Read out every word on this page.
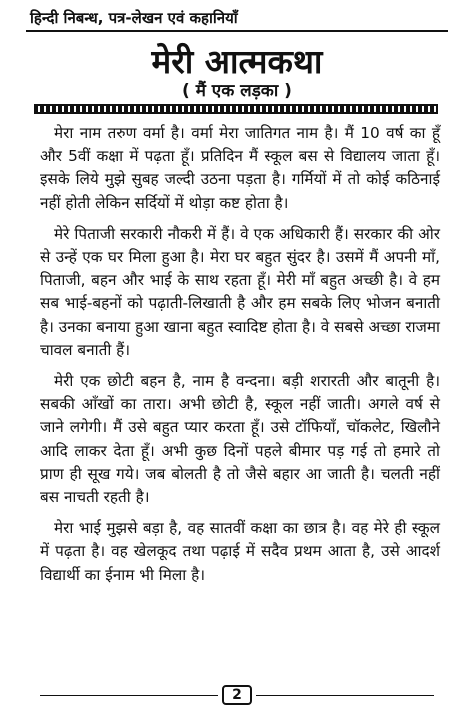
हिन्दी निबन्ध, पत्र-लेखन एवं कहानियाँ
मेरी आत्मकथा
( मैं एक लड़का )

मेरा नाम तरुण वर्मा है। वर्मा मेरा जातिगत नाम है। मैं 10 वर्ष का हूँ और 5वीं कक्षा में पढ़ता हूँ। प्रतिदिन मैं स्कूल बस से विद्यालय जाता हूँ। इसके लिये मुझे सुबह जल्दी उठना पड़ता है। गर्मियों में तो कोई कठिनाई नहीं होती लेकिन सर्दियों में थोड़ा कष्ट होता है।

मेरे पिताजी सरकारी नौकरी में हैं। वे एक अधिकारी हैं। सरकार की ओर से उन्हें एक घर मिला हुआ है। मेरा घर बहुत सुंदर है। उसमें मैं अपनी माँ, पिताजी, बहन और भाई के साथ रहता हूँ। मेरी माँ बहुत अच्छी है। वे हम सब भाई-बहनों को पढ़ाती-लिखाती है और हम सबके लिए भोजन बनाती है। उनका बनाया हुआ खाना बहुत स्वादिष्ट होता है। वे सबसे अच्छा राजमा चावल बनाती हैं।

मेरी एक छोटी बहन है, नाम है वन्दना। बड़ी शरारती और बातूनी है। सबकी आँखों का तारा। अभी छोटी है, स्कूल नहीं जाती। अगले वर्ष से जाने लगेगी। मैं उसे बहुत प्यार करता हूँ। उसे टॉफियाँ, चॉकलेट, खिलौने आदि लाकर देता हूँ। अभी कुछ दिनों पहले बीमार पड़ गई तो हमारे तो प्राण ही सूख गये। जब बोलती है तो जैसे बहार आ जाती है। चलती नहीं बस नाचती रहती है।

मेरा भाई मुझसे बड़ा है, वह सातवीं कक्षा का छात्र है। वह मेरे ही स्कूल में पढ़ता है। वह खेलकूद तथा पढ़ाई में सदैव प्रथम आता है, उसे आदर्श विद्यार्थी का ईनाम भी मिला है।

2
